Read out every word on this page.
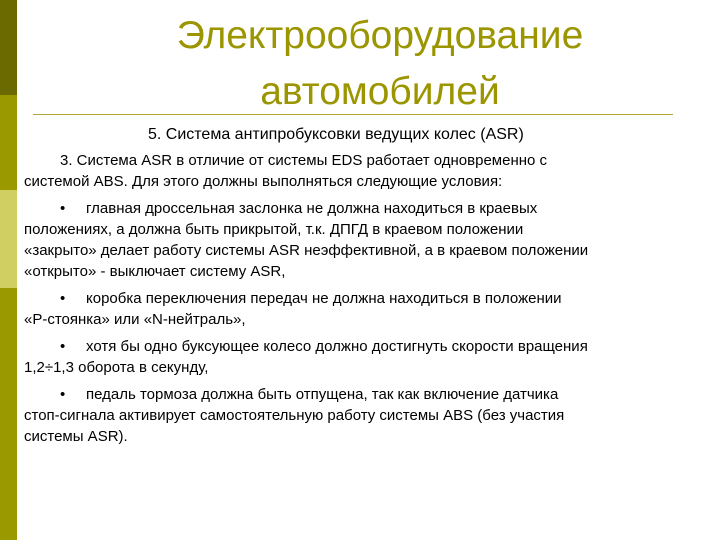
Электрооборудование
автомобилей
5. Система антипробуксовки ведущих колес (ASR)
3. Система ASR в отличие от системы EDS работает одновременно с
системой ABS. Для этого должны выполняться следующие условия:
• главная дроссельная заслонка не должна находиться в краевых
положениях, а должна быть прикрытой, т.к. ДПГД в краевом положении
«закрыто» делает работу системы ASR неэффективной, а в краевом положении
«открыто» - выключает систему ASR,
• коробка переключения передач не должна находиться в положении
«P-стоянка» или «N-нейтраль»,
• хотя бы одно буксующее колесо должно достигнуть скорости вращения
1,2÷1,3 оборота в секунду,
• педаль тормоза должна быть отпущена, так как включение датчика
стоп-сигнала активирует самостоятельную работу системы ABS (без участия
системы ASR).
